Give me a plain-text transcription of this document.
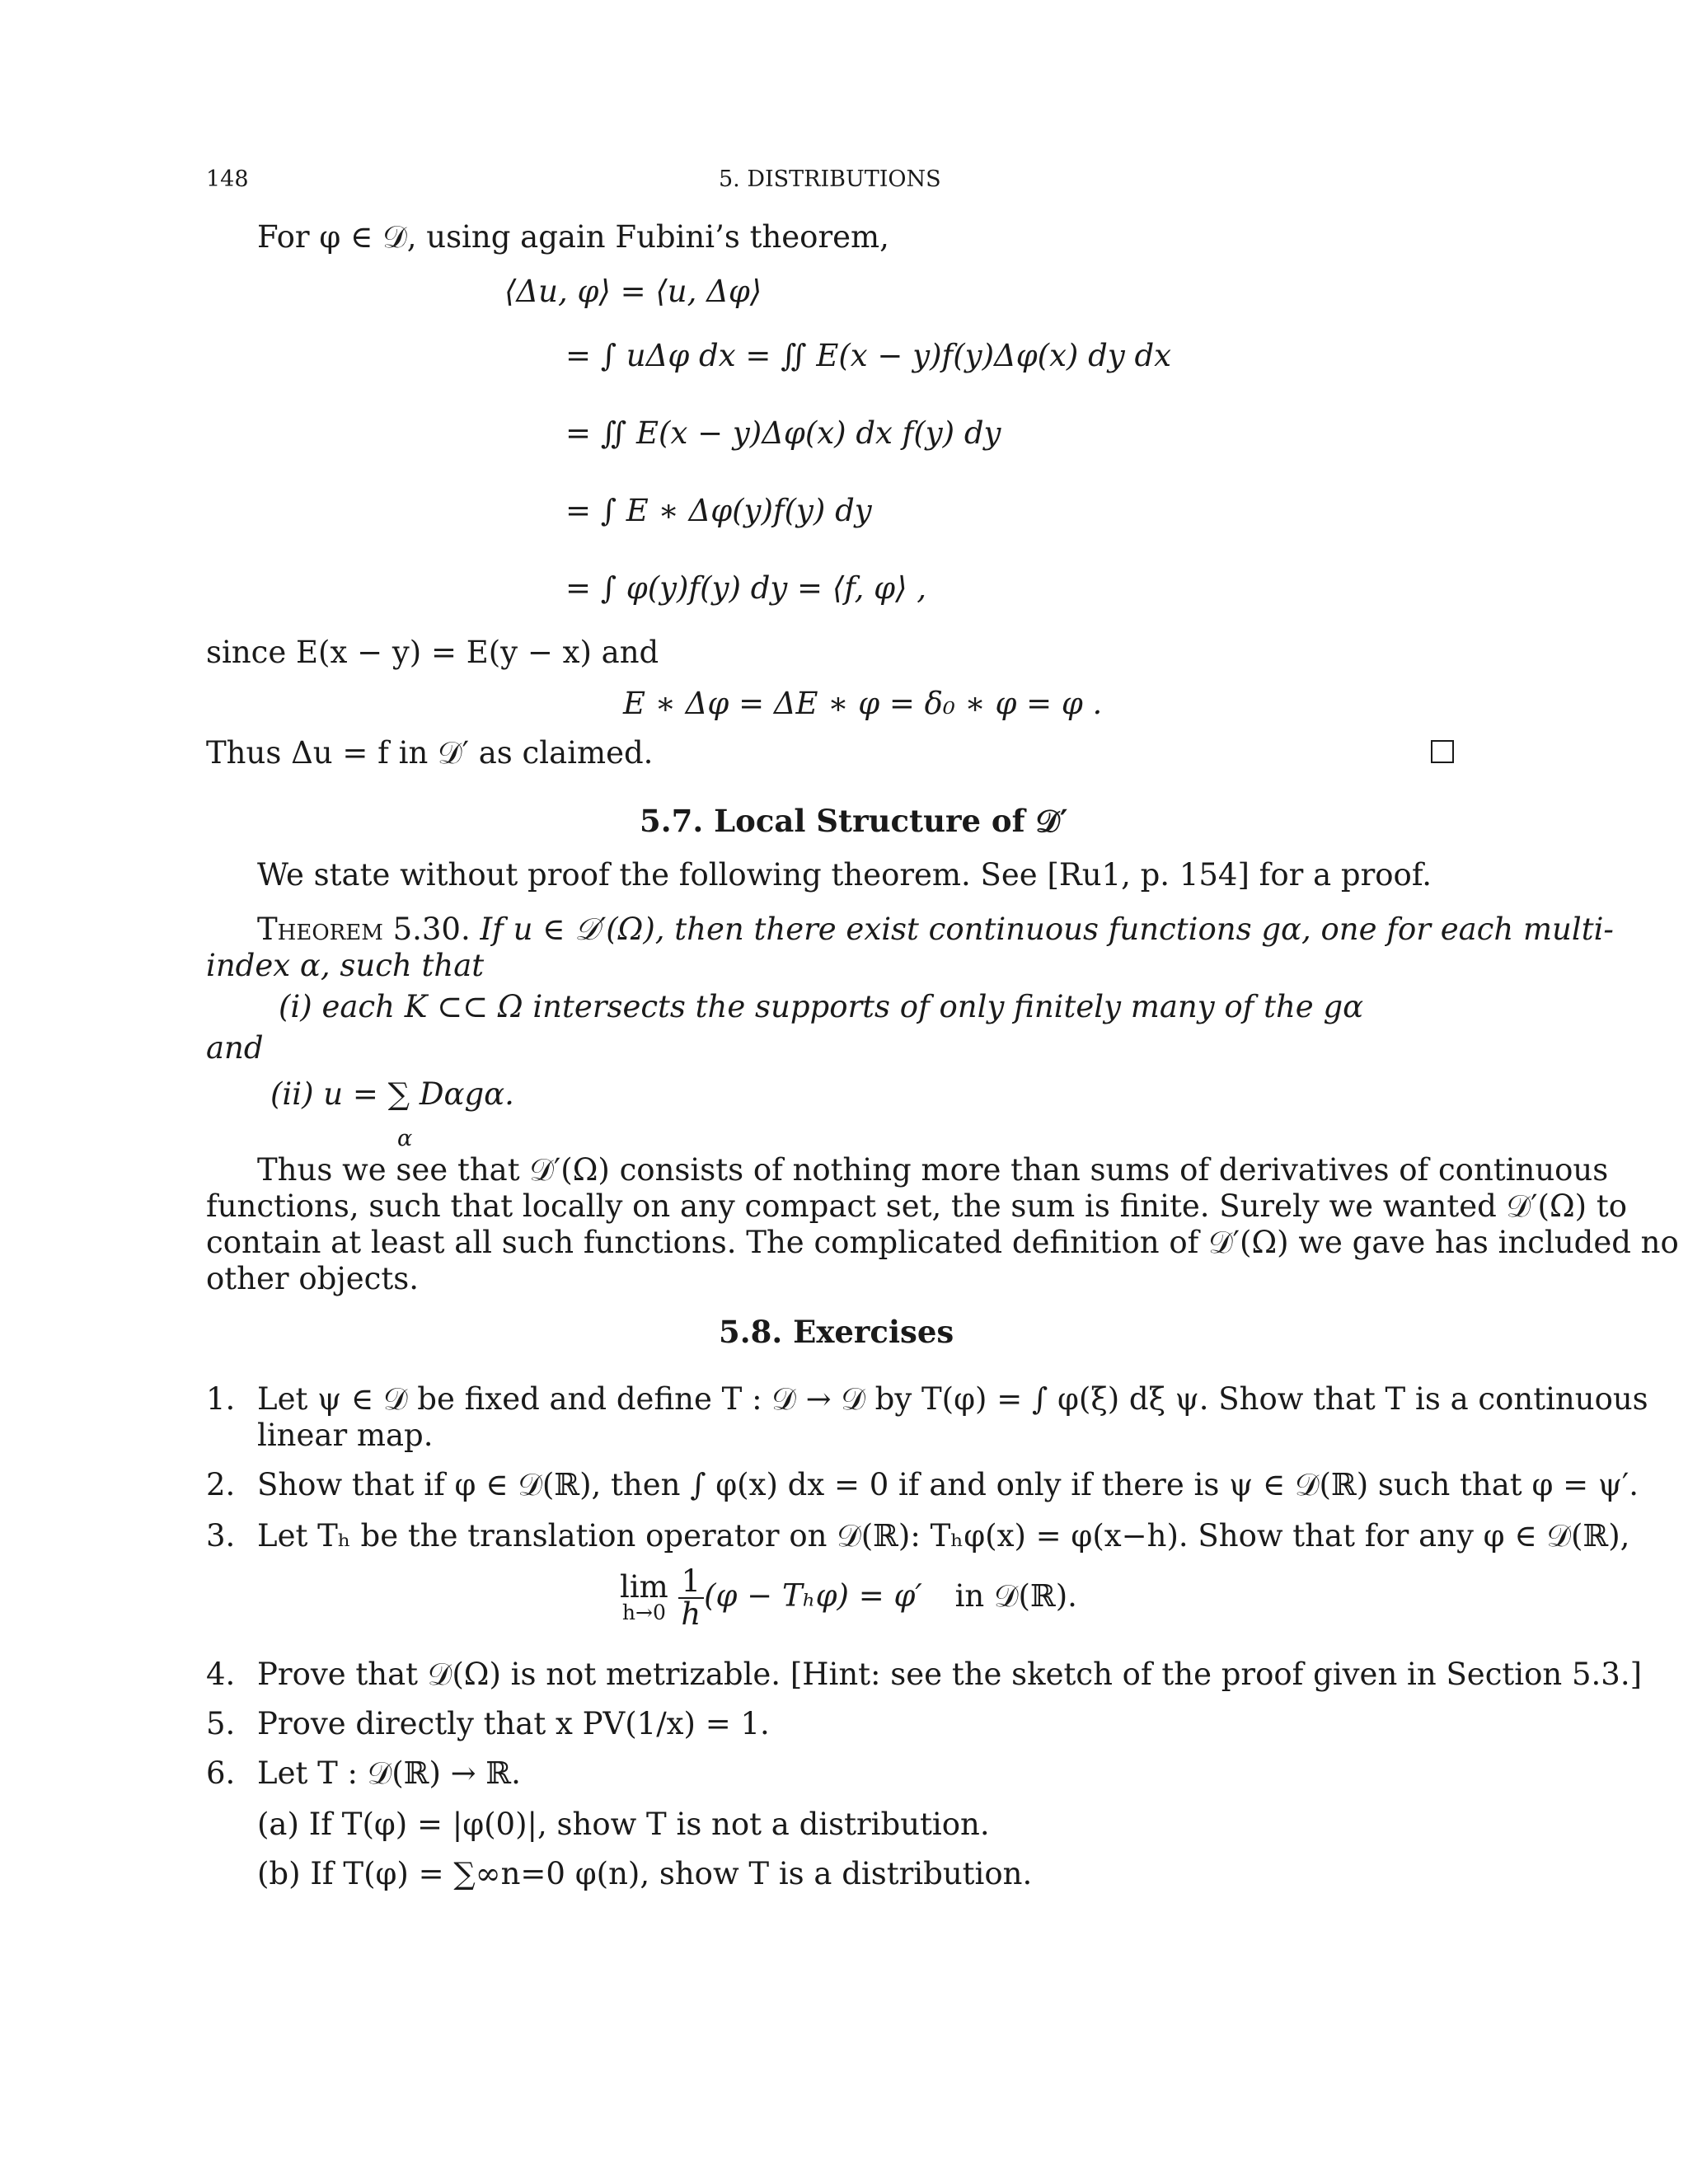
148	5. DISTRIBUTIONS
For φ ∈ 𝒟, using again Fubini’s theorem,
⟨Δu, φ⟩ = ⟨u, Δφ⟩
= ∫ uΔφ dx = ∬ E(x − y)f(y)Δφ(x) dy dx
= ∬ E(x − y)Δφ(x) dx f(y) dy
= ∫ E ∗ Δφ(y)f(y) dy
= ∫ φ(y)f(y) dy = ⟨f, φ⟩ ,
since E(x − y) = E(y − x) and
E ∗ Δφ = ΔE ∗ φ = δ₀ ∗ φ = φ .
Thus Δu = f in 𝒟′ as claimed.
5.7. Local Structure of 𝒟′
We state without proof the following theorem. See [Ru1, p. 154] for a proof.
Theorem 5.30. If u ∈ 𝒟′(Ω), then there exist continuous functions gα, one for each multi-
index α, such that
(i) each K ⊂⊂ Ω intersects the supports of only finitely many of the gα
and
(ii) u = ∑ Dαgα.
α
Thus we see that 𝒟′(Ω) consists of nothing more than sums of derivatives of continuous
functions, such that locally on any compact set, the sum is finite. Surely we wanted 𝒟′(Ω) to
contain at least all such functions. The complicated definition of 𝒟′(Ω) we gave has included no
other objects.
5.8. Exercises
1. Let ψ ∈ 𝒟 be fixed and define T : 𝒟 → 𝒟 by T(φ) = ∫ φ(ξ) dξ ψ. Show that T is a continuous
linear map.
2. Show that if φ ∈ 𝒟(ℝ), then ∫ φ(x) dx = 0 if and only if there is ψ ∈ 𝒟(ℝ) such that φ = ψ′.
3. Let Tₕ be the translation operator on 𝒟(ℝ): Tₕφ(x) = φ(x−h). Show that for any φ ∈ 𝒟(ℝ),
lim
h→0
$\frac{1}{h} (\varphi - T_h\varphi) = \varphi'$ in 𝒟(ℝ).
4. Prove that 𝒟(Ω) is not metrizable. [Hint: see the sketch of the proof given in Section 5.3.]
5. Prove directly that x PV(1/x) = 1.
6. Let T : 𝒟(ℝ) → ℝ.
(a) If T(φ) = |φ(0)|, show T is not a distribution.
(b) If T(φ) = ∑∞n=0 φ(n), show T is a distribution.
